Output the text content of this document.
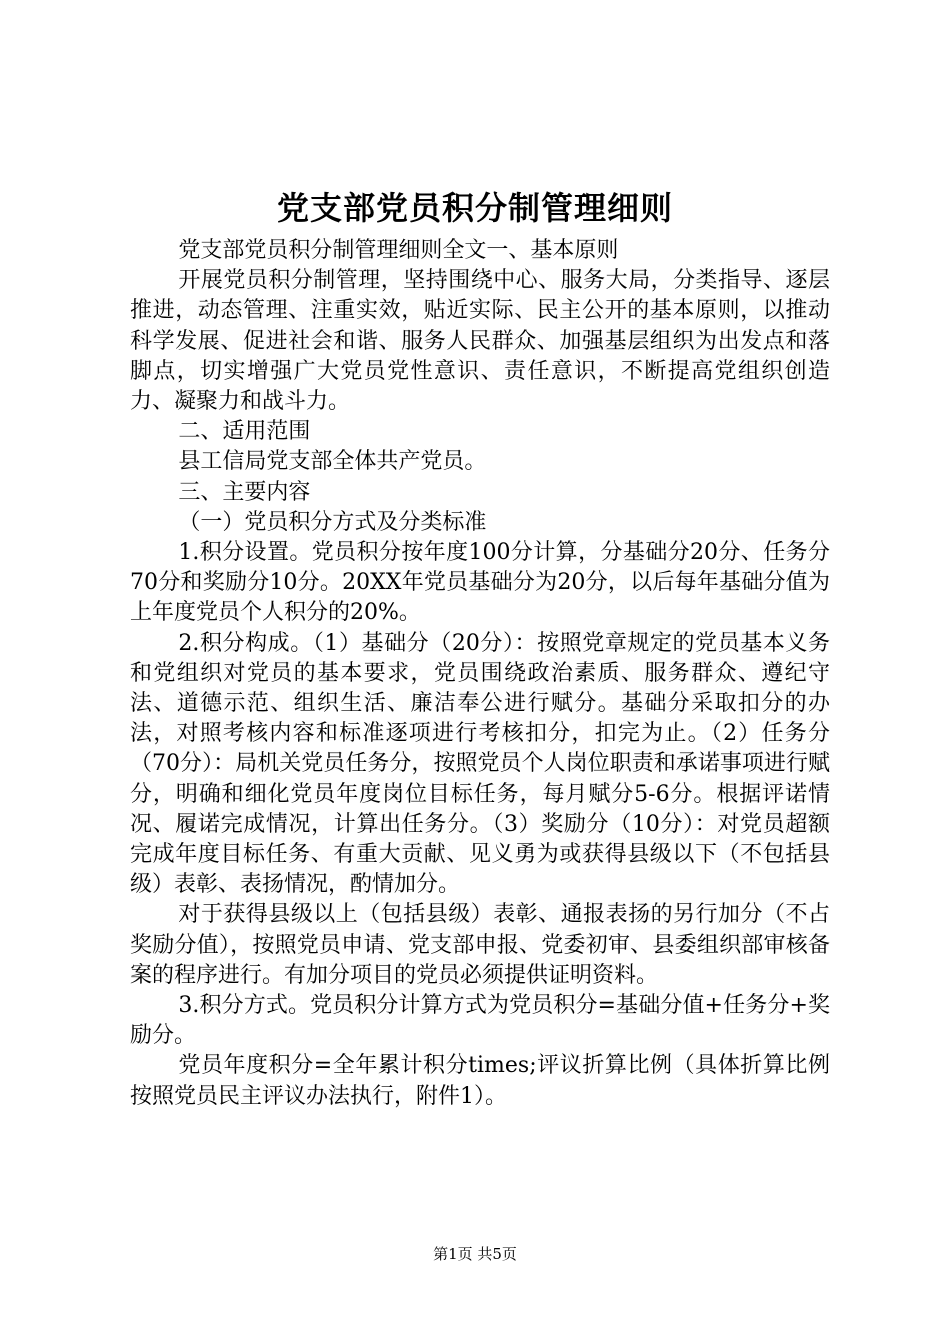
党支部党员积分制管理细则

党支部党员积分制管理细则全文一、基本原则

开展党员积分制管理，坚持围绕中心、服务大局，分类指导、逐层推进，动态管理、注重实效，贴近实际、民主公开的基本原则，以推动科学发展、促进社会和谐、服务人民群众、加强基层组织为出发点和落脚点，切实增强广大党员党性意识、责任意识，不断提高党组织创造力、凝聚力和战斗力。

二、适用范围

县工信局党支部全体共产党员。

三、主要内容

（一）党员积分方式及分类标准

1.积分设置。党员积分按年度100分计算，分基础分20分、任务分70分和奖励分10分。20XX年党员基础分为20分，以后每年基础分值为上年度党员个人积分的20%。

2.积分构成。（1）基础分（20分）：按照党章规定的党员基本义务和党组织对党员的基本要求，党员围绕政治素质、服务群众、遵纪守法、道德示范、组织生活、廉洁奉公进行赋分。基础分采取扣分的办法，对照考核内容和标准逐项进行考核扣分，扣完为止。（2）任务分（70分）：局机关党员任务分，按照党员个人岗位职责和承诺事项进行赋分，明确和细化党员年度岗位目标任务，每月赋分5-6分。根据评诺情况、履诺完成情况，计算出任务分。（3）奖励分（10分）：对党员超额完成年度目标任务、有重大贡献、见义勇为或获得县级以下（不包括县级）表彰、表扬情况，酌情加分。

对于获得县级以上（包括县级）表彰、通报表扬的另行加分（不占奖励分值），按照党员申请、党支部申报、党委初审、县委组织部审核备案的程序进行。有加分项目的党员必须提供证明资料。

3.积分方式。党员积分计算方式为党员积分=基础分值+任务分+奖励分。

党员年度积分=全年累计积分times;评议折算比例（具体折算比例按照党员民主评议办法执行，附件1）。

第1页 共5页
